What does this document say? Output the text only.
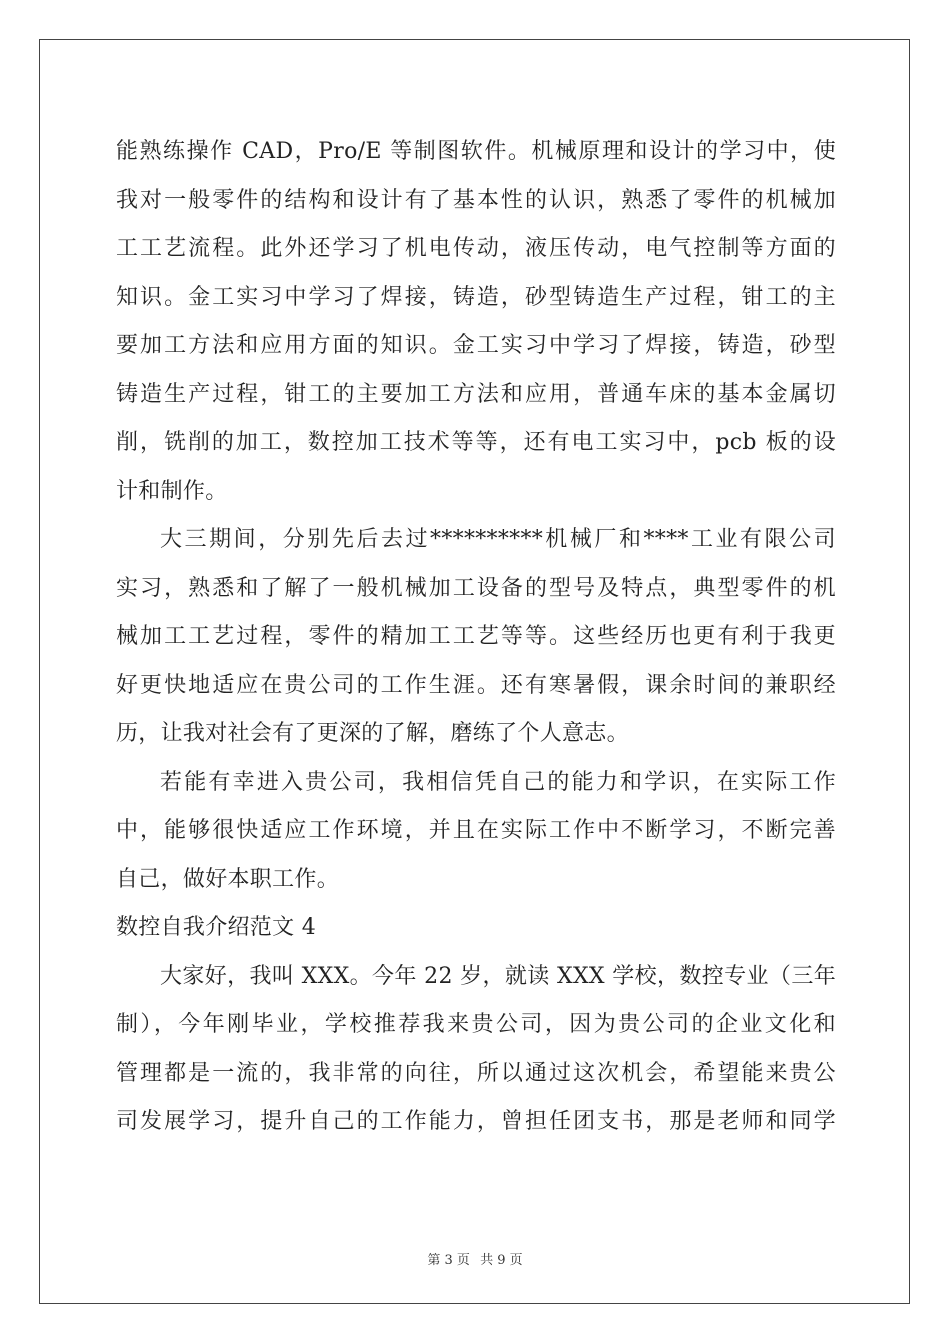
能熟练操作 CAD，Pro/E 等制图软件。机械原理和设计的学习中，使
我对一般零件的结构和设计有了基本性的认识，熟悉了零件的机械加
工工艺流程。此外还学习了机电传动，液压传动，电气控制等方面的
知识。金工实习中学习了焊接，铸造，砂型铸造生产过程，钳工的主
要加工方法和应用方面的知识。金工实习中学习了焊接，铸造，砂型
铸造生产过程，钳工的主要加工方法和应用，普通车床的基本金属切
削，铣削的加工，数控加工技术等等，还有电工实习中，pcb 板的设
计和制作。
大三期间，分别先后去过**********机械厂和****工业有限公司
实习，熟悉和了解了一般机械加工设备的型号及特点，典型零件的机
械加工工艺过程，零件的精加工工艺等等。这些经历也更有利于我更
好更快地适应在贵公司的工作生涯。还有寒暑假，课余时间的兼职经
历，让我对社会有了更深的了解，磨练了个人意志。
若能有幸进入贵公司，我相信凭自己的能力和学识，在实际工作
中，能够很快适应工作环境，并且在实际工作中不断学习，不断完善
自己，做好本职工作。
数控自我介绍范文 4
大家好，我叫 XXX。今年 22 岁，就读 XXX 学校，数控专业（三年
制），今年刚毕业，学校推荐我来贵公司，因为贵公司的企业文化和
管理都是一流的，我非常的向往，所以通过这次机会，希望能来贵公
司发展学习，提升自己的工作能力，曾担任团支书，那是老师和同学
第 3 页 共 9 页
